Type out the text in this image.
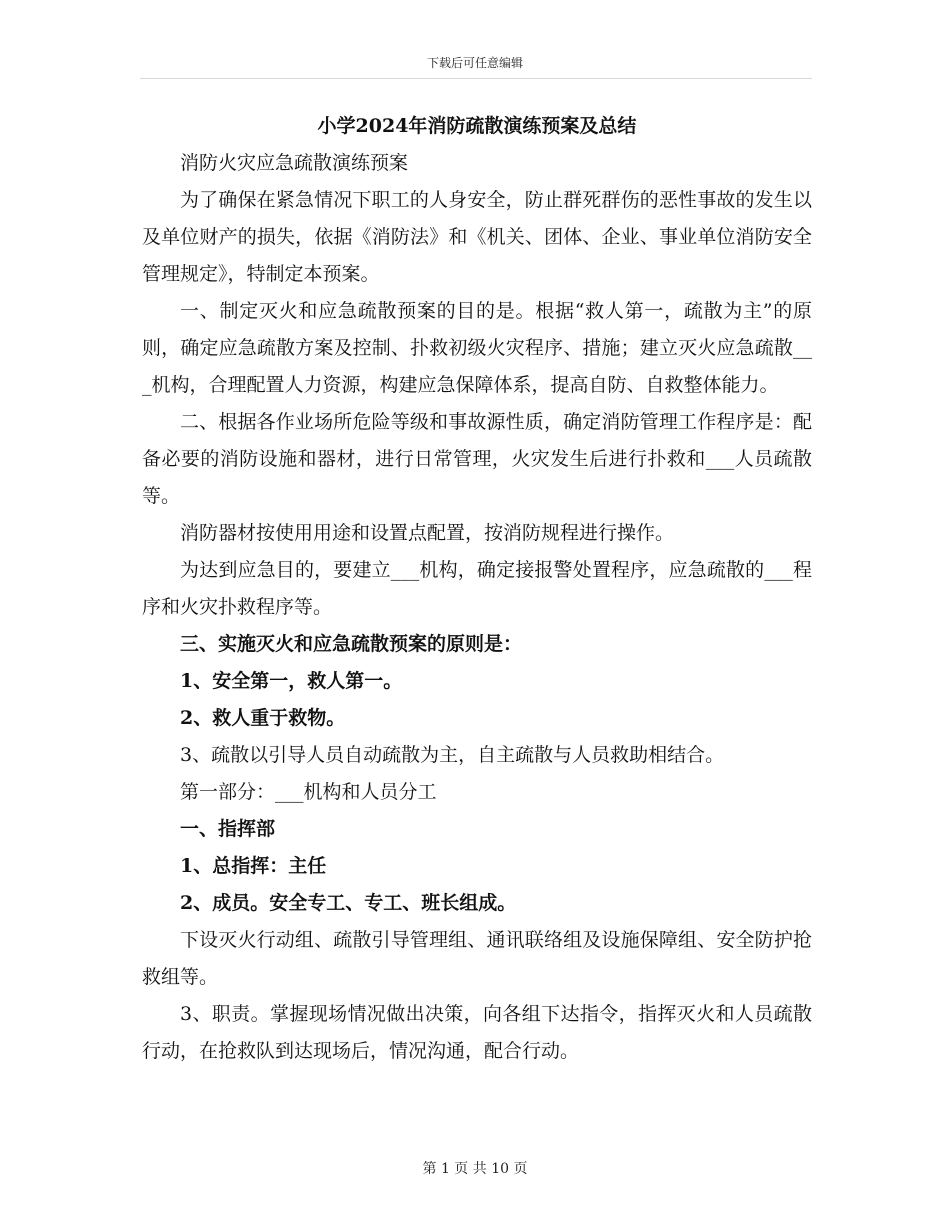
下载后可任意编辑

小学2024年消防疏散演练预案及总结

消防火灾应急疏散演练预案

为了确保在紧急情况下职工的人身安全，防止群死群伤的恶性事故的发生以及单位财产的损失，依据《消防法》和《机关、团体、企业、事业单位消防安全管理规定》，特制定本预案。

一、制定灭火和应急疏散预案的目的是。根据“救人第一，疏散为主”的原则，确定应急疏散方案及控制、扑救初级火灾程序、措施；建立灭火应急疏散___机构，合理配置人力资源，构建应急保障体系，提高自防、自救整体能力。

二、根据各作业场所危险等级和事故源性质，确定消防管理工作程序是：配备必要的消防设施和器材，进行日常管理，火灾发生后进行扑救和___人员疏散等。

消防器材按使用用途和设置点配置，按消防规程进行操作。

为达到应急目的，要建立___机构，确定接报警处置程序，应急疏散的___程序和火灾扑救程序等。

三、实施灭火和应急疏散预案的原则是：

1、安全第一，救人第一。

2、救人重于救物。

3、疏散以引导人员自动疏散为主，自主疏散与人员救助相结合。

第一部分：___机构和人员分工

一、指挥部

1、总指挥：主任

2、成员。安全专工、专工、班长组成。

下设灭火行动组、疏散引导管理组、通讯联络组及设施保障组、安全防护抢救组等。

3、职责。掌握现场情况做出决策，向各组下达指令，指挥灭火和人员疏散行动，在抢救队到达现场后，情况沟通，配合行动。

第 1 页 共 10 页
